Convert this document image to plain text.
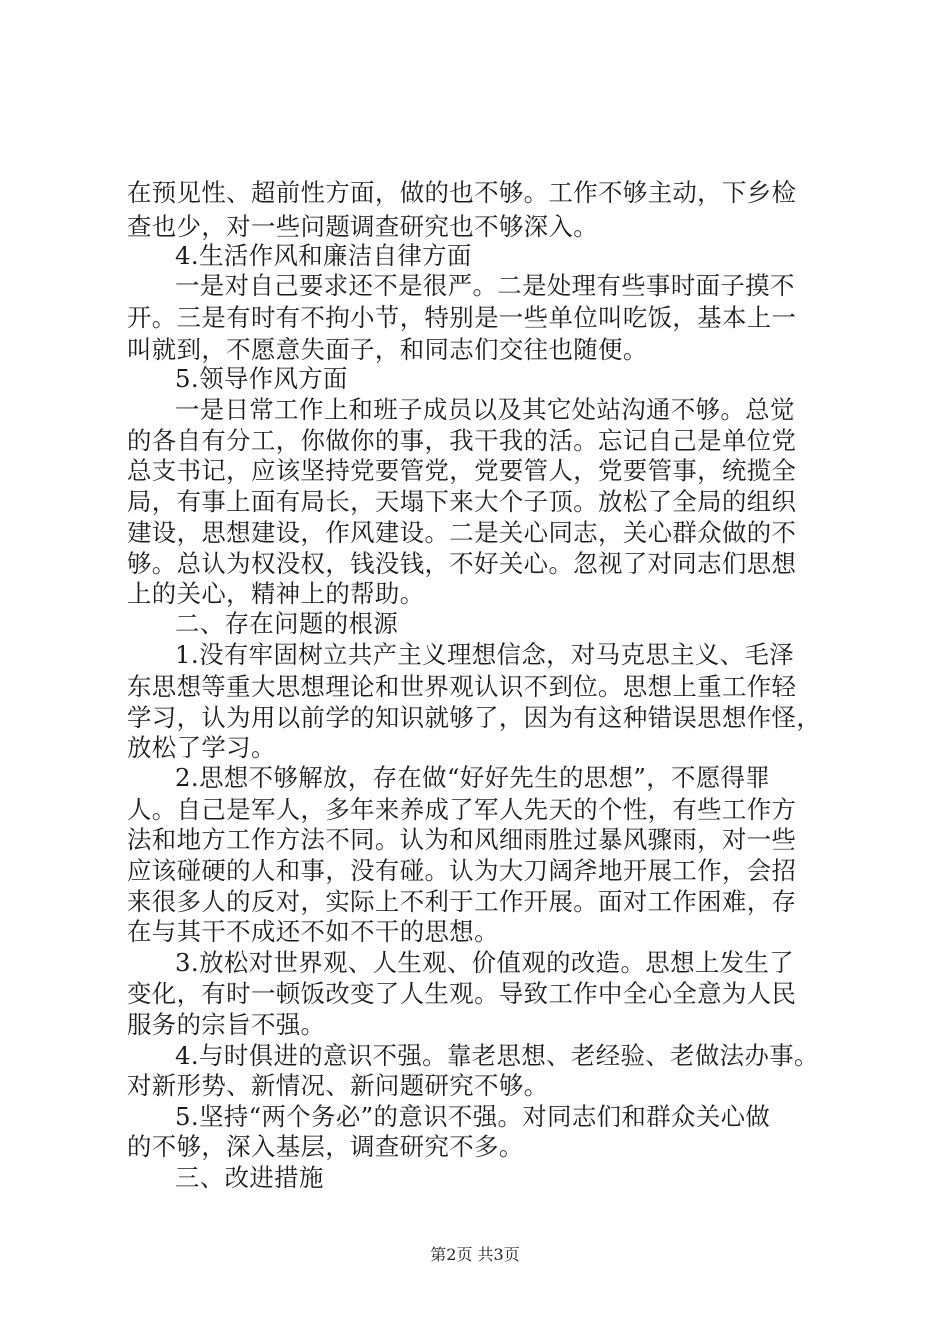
在预见性、超前性方面，做的也不够。工作不够主动，下乡检
查也少，对一些问题调查研究也不够深入。
4.生活作风和廉洁自律方面
一是对自己要求还不是很严。二是处理有些事时面子摸不
开。三是有时有不拘小节，特别是一些单位叫吃饭，基本上一
叫就到，不愿意失面子，和同志们交往也随便。
5.领导作风方面
一是日常工作上和班子成员以及其它处站沟通不够。总觉
的各自有分工，你做你的事，我干我的活。忘记自己是单位党
总支书记，应该坚持党要管党，党要管人，党要管事，统揽全
局，有事上面有局长，天塌下来大个子顶。放松了全局的组织
建设，思想建设，作风建设。二是关心同志，关心群众做的不
够。总认为权没权，钱没钱，不好关心。忽视了对同志们思想
上的关心，精神上的帮助。
二、存在问题的根源
1.没有牢固树立共产主义理想信念，对马克思主义、毛泽
东思想等重大思想理论和世界观认识不到位。思想上重工作轻
学习，认为用以前学的知识就够了，因为有这种错误思想作怪，
放松了学习。
2.思想不够解放，存在做“好好先生的思想”，不愿得罪
人。自己是军人，多年来养成了军人先天的个性，有些工作方
法和地方工作方法不同。认为和风细雨胜过暴风骤雨，对一些
应该碰硬的人和事，没有碰。认为大刀阔斧地开展工作，会招
来很多人的反对，实际上不利于工作开展。面对工作困难，存
在与其干不成还不如不干的思想。
3.放松对世界观、人生观、价值观的改造。思想上发生了
变化，有时一顿饭改变了人生观。导致工作中全心全意为人民
服务的宗旨不强。
4.与时俱进的意识不强。靠老思想、老经验、老做法办事。
对新形势、新情况、新问题研究不够。
5.坚持“两个务必”的意识不强。对同志们和群众关心做
的不够，深入基层，调查研究不多。
三、改进措施
第2页 共3页
